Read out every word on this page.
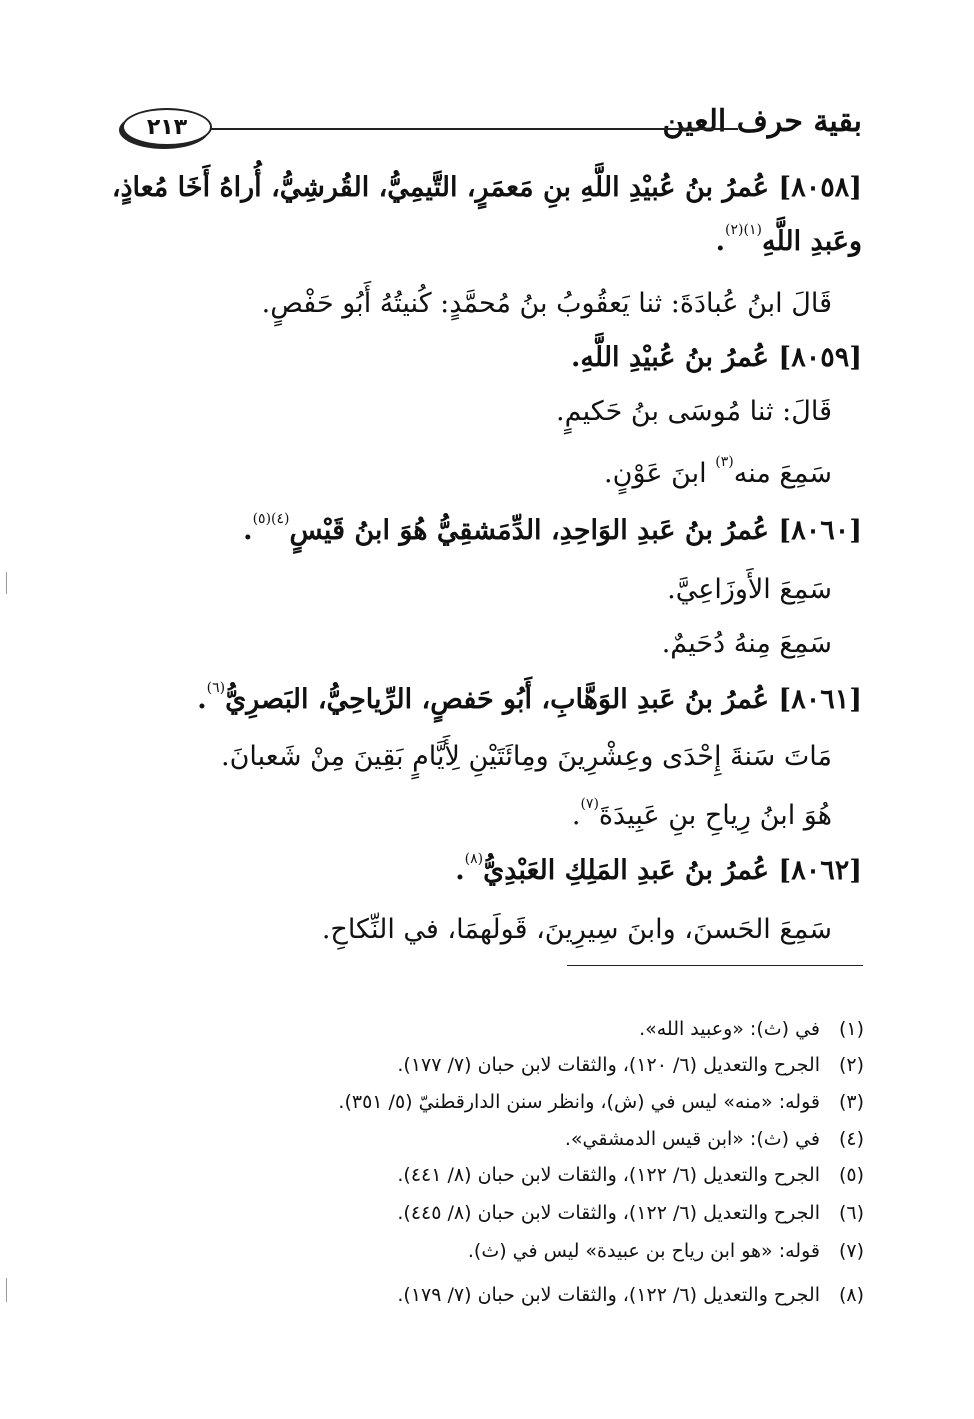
بقية حرف العين
٢١٣
[٨٠٥٨] عُمرُ بنُ عُبيْدِ اللَّهِ بنِ مَعمَرٍ، التَّيمِيُّ، القُرشِيُّ، أُراهُ أَخَا مُعاذٍ،
وعَبدِ اللَّهِ$^{(١)(٢)}$.
قَالَ ابنُ عُبادَةَ: ثنا يَعقُوبُ بنُ مُحمَّدٍ: كُنيتُهُ أَبُو حَفْصٍ.
[٨٠٥٩] عُمرُ بنُ عُبيْدِ اللَّهِ.
قَالَ: ثنا مُوسَى بنُ حَكيمٍ.
سَمِعَ منه$^{(٣)}$ ابنَ عَوْنٍ.
[٨٠٦٠] عُمرُ بنُ عَبدِ الوَاحِدِ، الدِّمَشقِيُّ هُوَ ابنُ قَيْسٍ$^{(٤)(٥)}$.
سَمِعَ الأَوزَاعِيَّ.
سَمِعَ مِنهُ دُحَيمٌ.
[٨٠٦١] عُمرُ بنُ عَبدِ الوَهَّابِ، أَبُو حَفصٍ، الرِّياحِيُّ، البَصرِيُّ$^{(٦)}$.
مَاتَ سَنةَ إِحْدَى وعِشْرِينَ ومِائَتَيْنِ لِأَيَّامٍ بَقِينَ مِنْ شَعبانَ.
هُوَ ابنُ رِياحِ بنِ عَبِيدَةَ$^{(٧)}$.
[٨٠٦٢] عُمرُ بنُ عَبدِ المَلِكِ العَبْدِيُّ$^{(٨)}$.
سَمِعَ الحَسنَ، وابنَ سِيرِينَ، قَولَهمَا، في النِّكاحِ.
(١)في (ث): «وعبيد الله».
(٢)الجرح والتعديل (٦/ ١٢٠)، والثقات لابن حبان (٧/ ١٧٧).
(٣)قوله: «منه» ليس في (ش)، وانظر سنن الدارقطنيّ (٥/ ٣٥١).
(٤)في (ث): «ابن قيس الدمشقي».
(٥)الجرح والتعديل (٦/ ١٢٢)، والثقات لابن حبان (٨/ ٤٤١).
(٦)الجرح والتعديل (٦/ ١٢٢)، والثقات لابن حبان (٨/ ٤٤٥).
(٧)قوله: «هو ابن رياح بن عبيدة» ليس في (ث).
(٨)الجرح والتعديل (٦/ ١٢٢)، والثقات لابن حبان (٧/ ١٧٩).
